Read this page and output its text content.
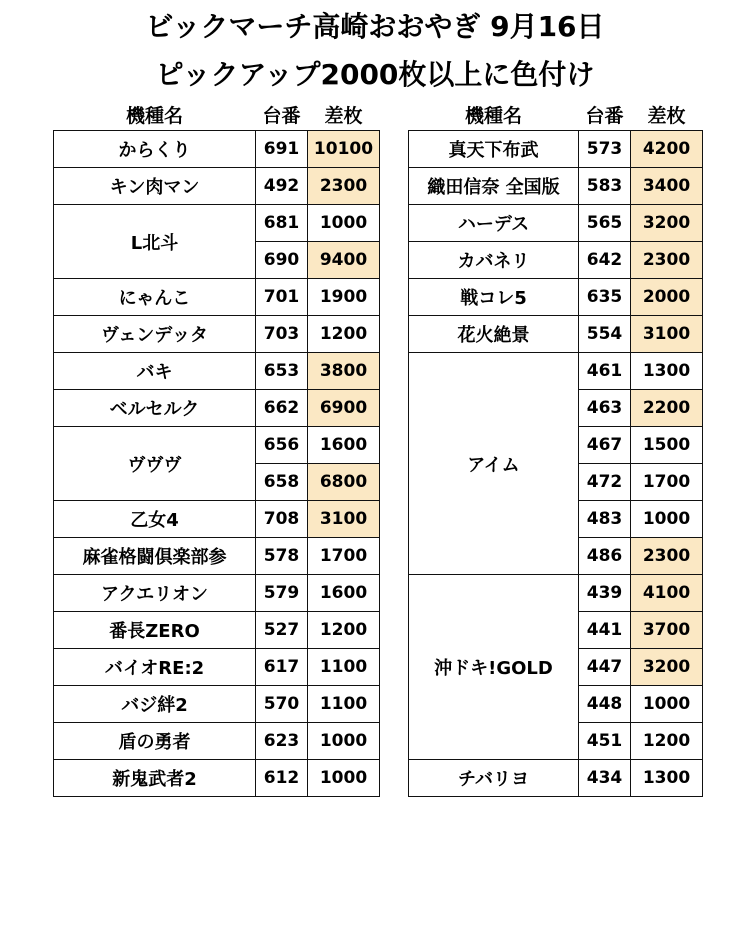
ビックマーチ高崎おおやぎ 9月16日
ピックアップ2000枚以上に色付け
機種名	台番	差枚
からくり	691	10100
キン肉マン	492	2300
L北斗	681	1000
	690	9400
にゃんこ	701	1900
ヴェンデッタ	703	1200
バキ	653	3800
ベルセルク	662	6900
ヴヴヴ	656	1600
	658	6800
乙女4	708	3100
麻雀格闘倶楽部参	578	1700
アクエリオン	579	1600
番長ZERO	527	1200
バイオRE:2	617	1100
バジ絆2	570	1100
盾の勇者	623	1000
新鬼武者2	612	1000
機種名	台番	差枚
真天下布武	573	4200
織田信奈 全国版	583	3400
ハーデス	565	3200
カバネリ	642	2300
戦コレ5	635	2000
花火絶景	554	3100
アイム	461	1300
	463	2200
	467	1500
	472	1700
	483	1000
	486	2300
沖ドキ!GOLD	439	4100
	441	3700
	447	3200
	448	1000
	451	1200
チバリヨ	434	1300
